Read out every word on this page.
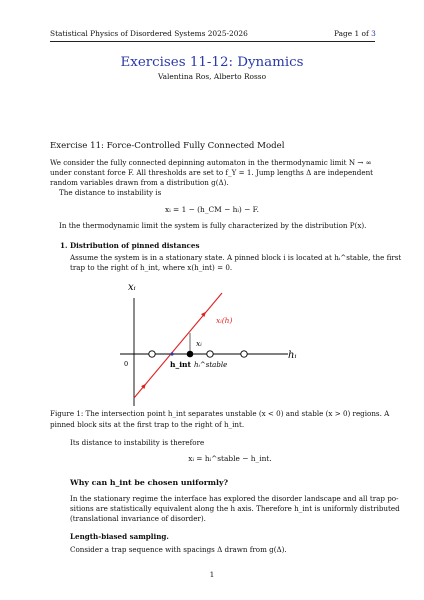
Statistical Physics of Disordered Systems 2025-2026	Page 1 of 3
Exercises 11-12: Dynamics
Valentina Ros, Alberto Rosso
Exercise 11: Force-Controlled Fully Connected Model
We consider the fully connected depinning automaton in the thermodynamic limit N → ∞
under constant force F. All thresholds are set to f_Y = 1. Jump lengths Δ are independent
random variables drawn from a distribution g(Δ).
The distance to instability is
xᵢ = 1 − (h_CM − hᵢ) − F.
In the thermodynamic limit the system is fully characterized by the distribution P(x).
1. Distribution of pinned distances
Assume the system is in a stationary state. A pinned block i is located at hᵢ^stable, the first
trap to the right of h_int, where x(h_int) = 0.
xᵢ
hᵢ
xᵢ(h)
xᵢ
0	h_int hᵢ^stable
Figure 1: The intersection point h_int separates unstable (x < 0) and stable (x > 0) regions. A
pinned block sits at the first trap to the right of h_int.
Its distance to instability is therefore
xᵢ = hᵢ^stable − h_int.
Why can h_int be chosen uniformly?
In the stationary regime the interface has explored the disorder landscape and all trap po-
sitions are statistically equivalent along the h axis. Therefore h_int is uniformly distributed
(translational invariance of disorder).
Length-biased sampling.
Consider a trap sequence with spacings Δ drawn from g(Δ).
1
